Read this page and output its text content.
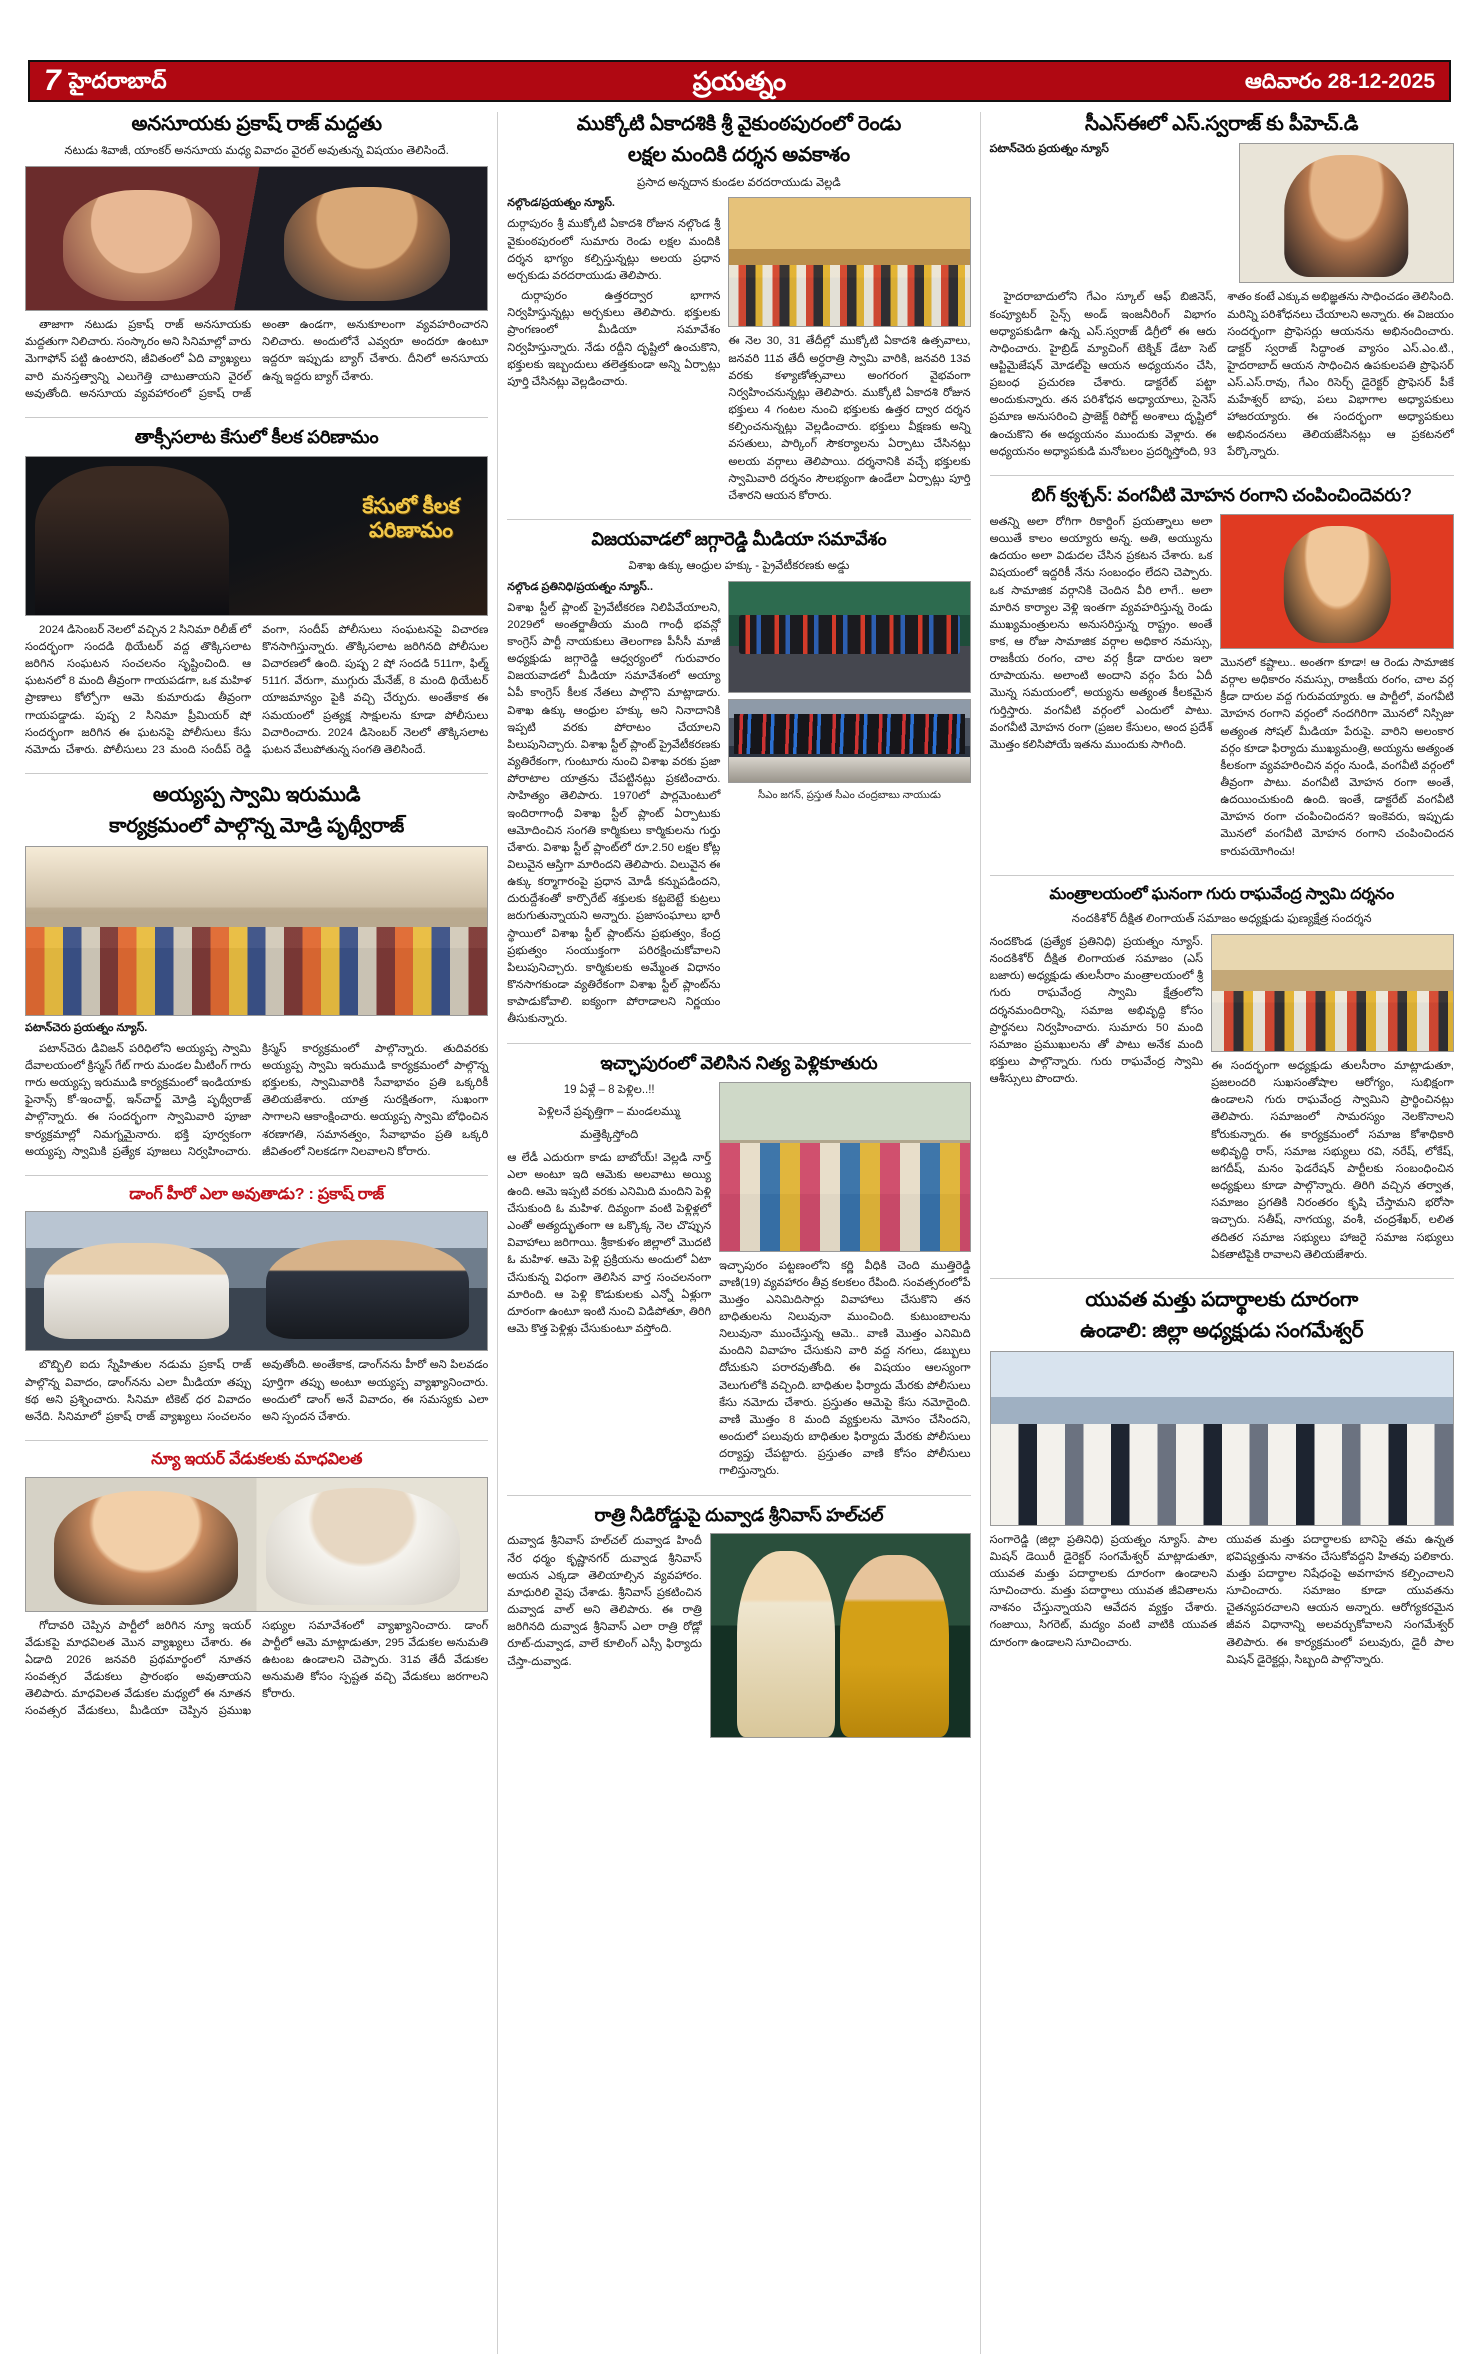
7 హైదరాబాద్	ప్రయత్నం	ఆదివారం 28-12-2025
అనసూయకు ప్రకాష్ రాజ్ మద్దతు
నటుడు శివాజీ, యాంకర్ అనసూయ మధ్య వివాదం వైరల్ అవుతున్న విషయం తెలిసిందే.

తాజాగా నటుడు ప్రకాష్ రాజ్ అనసూయకు మద్దతుగా నిలిచారు. సంస్కారం అని సినిమాల్లో వారు మెగాఫోన్ పట్టి ఉంటారని, జీవితంలో ఏది వ్యాఖ్యలు వారి మనస్తత్వాన్ని ఎలుగెత్తి చాటుతాయని వైరల్ అవుతోంది. అనసూయ వ్యవహారంలో ప్రకాష్ రాజ్ అంతా ఉండగా, అనుకూలంగా వ్యవహరించారని నిలిచారు. అందులోనే ఎవ్వరూ అందరూ ఉంటూ ఇద్దరూ ఇప్పుడు బ్యాగ్ చేశారు. దీనిలో అనసూయ ఉన్న ఇద్దరు బ్యాగ్ చేశారు.

తాక్సీసలాట కేసులో కీలక పరిణామం
కేసులో కీలక
పరిణామం

2024 డిసెంబర్ నెలలో వచ్చిన 2 సినిమా రిలీజ్ లో సందర్భంగా సందడి థియేటర్ వద్ద తొక్కిసలాట జరిగిన సంఘటన సంచలనం సృష్టించింది. ఆ ఘటనలో 8 మంది తీవ్రంగా గాయపడగా, ఒక మహిళ ప్రాణాలు కోల్పోగా ఆమె కుమారుడు తీవ్రంగా గాయపడ్డాడు. పుష్ప 2 సినిమా ప్రీమియర్ షో సందర్భంగా జరిగిన ఈ ఘటనపై పోలీసులు కేసు నమోదు చేశారు. పోలీసులు 23 మంది సందీప్ రెడ్డి వంగా, సందీప్ పోలీసులు సంఘటనపై విచారణ కొనసాగిస్తున్నారు. తొక్కిసలాట జరిగినది పోలీసుల విచారణలో ఉంది. పుష్ప 2 షో సందడి 511గా, ఫిల్మ్ 511గ. వేరుగా, ముగ్గురు మేనేజ్, 8 మంది థియేటర్ యాజమాన్యం పైకి వచ్చి చేర్పురు. అంతేకాక ఈ సమయంలో ప్రత్యక్ష సాక్షులను కూడా పోలీసులు విచారించారు. 2024 డిసెంబర్ నెలలో తొక్కిసలాట ఘటన వేలుపోతున్న సంగతి తెలిసిందే.

అయ్యప్ప స్వామి ఇరుముడి
కార్యక్రమంలో పాల్గొన్న మోడ్రి పృథ్వీరాజ్
పటాన్‌చెరు ప్రయత్నం న్యూస్.

పటాన్‌చెరు డివిజన్ పరిధిలోని అయ్యప్ప స్వామి దేవాలయంలో క్రిస్మస్ గేట్ గారు మండల మీటింగ్ గారు గారు అయ్యప్ప ఇరుముడి కార్యక్రమంలో ఇండియాకు ఫైనాన్స్ కో-ఇంచార్జ్, ఇన్‌చార్జ్ మోడ్రి పృథ్వీరాజ్ పాల్గొన్నారు. ఈ సందర్భంగా స్వామివారి పూజా కార్యక్రమాల్లో నిమగ్నమైనారు. భక్తి పూర్వకంగా అయ్యప్ప స్వామికి ప్రత్యేక పూజలు నిర్వహించారు. క్రిస్మస్ కార్యక్రమంలో పాల్గొన్నారు. తుదివరకు అయ్యప్ప స్వామి ఇరుముడి కార్యక్రమంలో పాల్గొన్న భక్తులకు, స్వామివారికి సేవాభావం ప్రతి ఒక్కరికీ తెలియజేశారు. యాత్ర సురక్షితంగా, సుఖంగా సాగాలని ఆకాంక్షించారు. అయ్యప్ప స్వామి బోధించిన శరణాగతి, సమానత్వం, సేవాభావం ప్రతి ఒక్కరి జీవితంలో నిలకడగా నిలవాలని కోరారు.

డాంగ్ హీరో ఎలా అవుతాడు? : ప్రకాష్ రాజ్

బొబ్బిలి ఐదు స్నేహితుల నడుమ ప్రకాష్ రాజ్ పాల్గొన్న వివాదం, డాంగ్‌నను ఎలా మీడియా తప్పు కథ అని ప్రశ్నించారు. సినిమా టికెట్ ధర వివాదం అనేది. సినిమాలో ప్రకాష్ రాజ్ వ్యాఖ్యలు సంచలనం అవుతోంది. అంతేకాక, డాంగ్‌నను హీరో అని పిలవడం పూర్తిగా తప్పు అంటూ అయ్యప్ప వ్యాఖ్యానించారు. అందులో డాంగ్ అనే వివాదం, ఈ సమస్యకు ఎలా అని స్పందన చేశారు.

న్యూ ఇయర్ వేడుకలకు మాధవిలత

గోదావరి చెప్పిన పార్టీలో జరిగిన న్యూ ఇయర్ వేడుకపై మాధవిలత మొన వ్యాఖ్యలు చేశారు. ఈ ఏడాది 2026 జనవరి ప్రథమార్థంలో నూతన సంవత్సర వేడుకలు ప్రారంభం అవుతాయని తెలిపారు. మాధవిలత వేడుకల మధ్యలో ఈ నూతన సంవత్సర వేడుకలు, మీడియా చెప్పిన ప్రముఖ సభ్యుల సమావేశంలో వ్యాఖ్యానించారు. డాంగ్ పార్టీలో ఆమె మాట్లాడుతూ, 295 వేడుకల అనుమతి ఉటంబ ఉండాలని చెప్పారు. 31వ తేదీ వేడుకల అనుమతి కోసం స్పష్టత వచ్చి వేడుకలు జరగాలని కోరారు.

ముక్కోటి ఏకాదశికి శ్రీ వైకుంఠపురంలో రెండు
లక్షల మందికి దర్శన అవకాశం
ప్రసాద అన్నదాన కుండల వరదరాయుడు వెల్లడి
నల్గొండ/ప్రయత్నం న్యూస్.

దుర్గాపురం శ్రీ ముక్కోటి ఏకాదశి రోజున నల్గొండ శ్రీ వైకుంఠపురంలో సుమారు రెండు లక్షల మందికి దర్శన భాగ్యం కల్పిస్తున్నట్లు అలయ ప్రధాన అర్చకుడు వరదరాయుడు తెలిపారు.

దుర్గాపురం ఉత్తరద్వార భాగాన నిర్వహిస్తున్నట్లు అర్చకులు తెలిపారు. భక్తులకు ప్రాంగణంలో మీడియా సమావేశం నిర్వహిస్తున్నారు. నేడు రద్దీని దృష్టిలో ఉంచుకొని, భక్తులకు ఇబ్బందులు తలెత్తకుండా అన్ని ఏర్పాట్లు పూర్తి చేసినట్లు వెల్లడించారు.

ఈ నెల 30, 31 తేదీల్లో ముక్కోటి ఏకాదశి ఉత్సవాలు, జనవరి 11వ తేదీ అర్ధరాత్రి స్వామి వారికి, జనవరి 13వ వరకు కళ్యాణోత్సవాలు అంగరంగ వైభవంగా నిర్వహించనున్నట్లు తెలిపారు. ముక్కోటి ఏకాదశి రోజున భక్తులు 4 గంటల నుంచి భక్తులకు ఉత్తర ద్వార దర్శన కల్పించనున్నట్లు వెల్లడించారు. భక్తులు వీక్షణకు అన్ని వసతులు, పార్కింగ్ సౌకర్యాలను ఏర్పాటు చేసినట్లు అలయ వర్గాలు తెలిపాయి. దర్శనానికి వచ్చే భక్తులకు స్వామివారి దర్శనం సౌలభ్యంగా ఉండేలా ఏర్పాట్లు పూర్తి చేశారని ఆయన కోరారు.

విజయవాడలో జగ్గారెడ్డి మీడియా సమావేశం
విశాఖ ఉక్కు ఆంధ్రుల హక్కు - ప్రైవేటీకరణకు అడ్డు
నల్గొండ ప్రతినిధి/ప్రయత్నం న్యూస్..

విశాఖ స్టీల్ ప్లాంట్ ప్రైవేటీకరణ నిలిపివేయాలని, 2029లో అంతర్జాతీయ మంది గాంధీ భవన్లో కాంగ్రెస్ పార్టీ నాయకులు తెలంగాణ పీసీసీ మాజీ అధ్యక్షుడు జగ్గారెడ్డి ఆధ్వర్యంలో గురువారం విజయవాడలో మీడియా సమావేశంలో అయ్యా ఏపీ కాంగ్రెస్ కీలక నేతలు పాల్గొని మాట్లాడారు. విశాఖ ఉక్కు ఆంధ్రుల హక్కు అని నినాదానికి ఇప్పటి వరకు పోరాటం చేయాలని పిలుపునిచ్చారు. విశాఖ స్టీల్ ప్లాంట్ ప్రైవేటీకరణకు వ్యతిరేకంగా, గుంటూరు నుంచి విశాఖ వరకు ప్రజా పోరాటాల యాత్రను చేపట్టినట్లు ప్రకటించారు. సాహిత్యం తెలిపారు. 1970లో పార్లమెంటులో ఇందిరాగాంధీ విశాఖ స్టీల్ ప్లాంట్ ఏర్పాటుకు ఆమోదించిన సంగతి కార్మికులు కార్మికులను గుర్తు చేశారు. విశాఖ స్టీల్ ప్లాంట్‌లో రూ.2.50 లక్షల కోట్ల విలువైన ఆస్తిగా మారిందని తెలిపారు. విలువైన ఈ ఉక్కు కర్మాగారంపై ప్రధాన మోడీ కన్నుపడిందని, దురుద్దేశంతో కార్పొరేట్ శక్తులకు కట్టబెట్టే కుట్రలు జరుగుతున్నాయని అన్నారు. ప్రజాసంఘాలు భారీ స్థాయిలో విశాఖ స్టీల్ ప్లాంట్‌ను ప్రభుత్వం, కేంద్ర ప్రభుత్వం సంయుక్తంగా పరిరక్షించుకోవాలని పిలుపునిచ్చారు. కార్మికులకు అమ్మేంత విధానం కొనసాగకుండా వ్యతిరేకంగా విశాఖ స్టీల్ ప్లాంట్‌ను కాపాడుకోవాలి. ఐక్యంగా పోరాడాలని నిర్ణయం తీసుకున్నారు.

సీఎం జగన్, ప్రస్తుత సీఎం చంద్రబాబు నాయుడు
ఇచ్ఛాపురంలో వెలిసిన నిత్య పెళ్లికూతురు
19 ఏళ్లే – 8 పెళ్లిల..!!
పెళ్లిలనే ప్రవృత్తిగా – మండలమ్ము
మత్తెక్కిస్తోంది

ఆ లేడీ ఎదురుగా కాడు బాబోయ్! వెల్లడి నార్త్ ఎలా అంటూ ఇది ఆమెకు అలవాటు అయ్యి ఉంది. ఆమె ఇప్పటి వరకు ఎనిమిది మందిని పెళ్లి చేసుకుంది ఓ మహిళ. దివ్యంగా వంటి పెళ్లిళ్లలో ఎంతో అత్యద్భుతంగా ఆ ఒక్కొక్క నెల చొప్పున వివాహాలు జరిగాయి. శ్రీకాకుళం జిల్లాలో మొదటి ఓ మహిళ. ఆమె పెళ్లి ప్రక్రియను అందులో ఏటా చేసుకున్న విధంగా తెలిసిన వార్త సంచలనంగా మారింది. ఆ పెళ్లి కొడుకులకు ఎన్నో ఏళ్లుగా దూరంగా ఉంటూ ఇంటి నుంచి విడిపోతూ, తిరిగి ఆమె కొత్త పెళ్లిళ్లు చేసుకుంటూ వస్తోంది.

ఇచ్ఛాపురం పట్టణంలోని కర్ణి వీధికి చెంది ముత్తిరెడ్డి వాణి(19) వ్యవహారం తీవ్ర కలకలం రేపింది. సంవత్సరంలోపే మొత్తం ఎనిమిదిసార్లు వివాహాలు చేసుకొని తన బాధితులను నిలువునా ముంచింది. కుటుంబాలను నిలువునా ముంచేస్తున్న ఆమె.. వాణి మొత్తం ఎనిమిది మందిని వివాహం చేసుకుని వారి వద్ద నగలు, డబ్బులు దోచుకుని పరారవుతోంది. ఈ విషయం ఆలస్యంగా వెలుగులోకి వచ్చింది. బాధితుల ఫిర్యాదు మేరకు పోలీసులు కేసు నమోదు చేశారు. ప్రస్తుతం ఆమెపై కేసు నమోదైంది. వాణి మొత్తం 8 మంది వ్యక్తులను మోసం చేసిందని, అందులో పలువురు బాధితుల ఫిర్యాదు మేరకు పోలీసులు దర్యాప్తు చేపట్టారు. ప్రస్తుతం వాణి కోసం పోలీసులు గాలిస్తున్నారు.

రాత్రి నీడిరోడ్డుపై దువ్వాడ శ్రీనివాస్ హల్‌చల్

దువ్వాడ శ్రీనివాస్ హల్‌చల్ దువ్వాడ హిందీ నేర ధర్మం కృష్ణానగర్ దువ్వాడ శ్రీనివాస్ అయన ఎక్కడా తెలియాల్సిన వ్యవహారం. మాధురిలి వైపు చేశాడు. శ్రీనివాస్ ప్రకటించిన దువ్వాడ వాల్ అని తెలిపారు. ఈ రాత్రి జరిగినది దువ్వాడ శ్రీనివాస్ ఎలా రాత్రి రోడ్లో రూట్-దువ్వాడ, వాలే కూలింగ్ ఎస్సీ ఫిర్యాదు చేస్తా-దువ్వాడ.

సీఎస్ఈలో ఎస్.స్వరాజ్ కు పీహెచ్.డి
పటాన్‌చెరు ప్రయత్నం న్యూస్

హైదరాబాదులోని గేఎం స్కూల్ ఆఫ్ బిజినెస్, కంప్యూటర్ సైన్స్ అండ్ ఇంజనీరింగ్ విభాగం అధ్యాపకుడిగా ఉన్న ఎస్.స్వరాజ్ డిగ్రీలో ఈ ఆరు సాధించారు. హైబ్రిడ్ మ్యాచింగ్ టెక్నిక్ డేటా సెట్ ఆప్టిమైజేషన్ మోడల్‌పై ఆయన అధ్యయనం చేసి, ప్రబంధ ప్రచురణ చేశారు. డాక్టరేట్ పట్టా అందుకున్నారు. తన పరిశోధన అధ్యాయాలు, సైనెస్ ప్రమాణ అనుసరించి ప్రాజెక్ట్ రిపోర్ట్ అంశాలు దృష్టిలో ఉంచుకొని ఈ అధ్యయనం ముందుకు వెళ్లారు. ఈ అధ్యయనం అధ్యాపకుడి మనోబలం ప్రదర్శిస్తోంది, 93 శాతం కంటే ఎక్కువ అభిజ్ఞతను సాధించడం తెలిసింది. మరిన్ని పరిశోధనలు చేయాలని అన్నారు. ఈ విజయం సందర్భంగా ప్రొఫెసర్లు ఆయనను అభినందించారు. డాక్టర్ స్వరాజ్ సిద్ధాంత వ్యాసం ఎస్.ఎం.టి., హైదరాబాద్ ఆయన సాధించిన ఉపకులపతి ప్రొఫెసర్ ఎస్.ఎస్.రావు, గేఎం రిసెర్చ్ డైరెక్టర్ ప్రొఫెసర్ పీకే మహేశ్వర్ బాపు, పలు విభాగాల అధ్యాపకులు హాజరయ్యారు. ఈ సందర్భంగా అధ్యాపకులు అభినందనలు తెలియజేసినట్లు ఆ ప్రకటనలో పేర్కొన్నారు.

బిగ్ క్వశ్చన్: వంగవీటి మోహన రంగాని చంపించిందెవరు?

అతన్ని అలా రోగిగా రికార్డింగ్ ప్రయత్నాలు అలా అయితే కాలం అయ్యారు అన్న. అతి, అయ్యును ఉదయం అలా విడుదల చేసిన ప్రకటన చేశారు. ఒక విషయంలో ఇద్దరికీ నేను సంబంధం లేదని చెప్పారు. ఒక సామాజిక వర్గానికి చెందిన వీరి లాగే.. అలా మారిన కార్యాల వెళ్లి ఇంతగా వ్యవహరిస్తున్న రెండు ముఖ్యమంత్రులను అనుసరిస్తున్న రాష్ట్రం. అంతే కాక, ఆ రోజు సామాజిక వర్గాల అధికార నమస్సు, రాజకీయ రంగం, చాల వర్గ క్రీడా దారుల ఇలా రూపాయను. అలాంటి అందాని వర్గం పేరు ఏదీ మొన్న సమయంలో, అయ్యను అత్యంత కీలకమైన గుర్తిస్తారు. వంగవీటి వర్గంలో ఎందులో పాటు. వంగవీటి మోహన రంగా (ప్రజల కేసులం, అంద ప్రదేశ్ మొత్తం కలిసిపోయే ఇతను ముందుకు సాగింది.

మొనలో కష్టాలు.. అంతగా కూడా! ఆ రెండు సామాజిక వర్గాల అధికారం నమస్సు, రాజకీయ రంగం, చాల వర్గ క్రీడా దారుల వద్ద గురువయ్యారు. ఆ పార్టీలో, వంగవీటి మోహన రంగాని వర్గంలో నందగిరిగా మొనలో నిస్సిజు అత్యంత సోషల్ మీడియా పేరుపై. వారిని అలంకార వర్గం కూడా ఫిర్యాదు ముఖ్యమంత్రి, అయ్యను అత్యంత కీలకంగా వ్యవహరించిన వర్గం నుండి, వంగవీటి వర్గంలో తీవ్రంగా పాటు. వంగవీటి మోహన రంగా అంతే, ఉదయించుకుంది ఉంది. ఇంతే, డాక్టరేట్ వంగవీటి మోహన రంగా చంపించిందన? ఇంకెవరు, ఇప్పుడు మొనలో వంగవీటి మోహన రంగాని చంపించిందన కారుపయోగించు!

మంత్రాలయంలో ఘనంగా గురు రాఘవేంద్ర స్వామి దర్శనం
నందకిశోర్ దీక్షిత లింగాయత్ సమాజం అధ్యక్షుడు ఫుణ్యక్షేత్ర సందర్శన

నందకొండ (ప్రత్యేక ప్రతినిధి) ప్రయత్నం న్యూస్. నందకిశోర్ దీక్షిత లింగాయత సమాజం (ఎస్ బజారు) అధ్యక్షుడు తులసీరాం మంత్రాలయంలో శ్రీ గురు రాఘవేంద్ర స్వామి క్షేత్రంలోని దర్శనమందిరాన్ని, సమాజ అభివృద్ధి కోసం ప్రార్థనలు నిర్వహించారు. సుమారు 50 మంది సమాజం ప్రముఖులను తో పాటు అనేక మంది భక్తులు పాల్గొన్నారు. గురు రాఘవేంద్ర స్వామి ఆశీస్సులు పొందారు.

ఈ సందర్భంగా అధ్యక్షుడు తులసీరాం మాట్లాడుతూ, ప్రజలందరి సుఖసంతోషాల ఆరోగ్యం, సుభిక్షంగా ఉండాలని గురు రాఘవేంద్ర స్వామిని ప్రార్థించినట్లు తెలిపారు. సమాజంలో సామరస్యం నెలకొనాలని కోరుకున్నారు. ఈ కార్యక్రమంలో సమాజ కోశాధికారి అభివృద్ధి రాస్, సమాజ సభ్యులు రవి, నరేష్, లోకేష్, జగదీష్, మనం ఫెడరేషన్ పార్టీలకు సంబంధించిన అధ్యక్షులు కూడా పాల్గొన్నారు. తిరిగి వచ్చిన తర్వాత, సమాజం ప్రగతికి నిరంతరం కృషి చేస్తామని భరోసా ఇచ్చారు. సతీష్, నాగయ్య, వంశీ, చంద్రశేఖర్, లలిత తదితర సమాజ సభ్యులు హాజరై సమాజ సభ్యులు ఏకతాటిపైకి రావాలని తెలియజేశారు.

యువత మత్తు పదార్థాలకు దూరంగా
ఉండాలి: జిల్లా అధ్యక్షుడు సంగమేశ్వర్

సంగారెడ్డి (జిల్లా ప్రతినిధి) ప్రయత్నం న్యూస్. పాల మిషన్ డెయిరీ డైరెక్టర్ సంగమేశ్వర్ మాట్లాడుతూ, యువత మత్తు పదార్థాలకు దూరంగా ఉండాలని సూచించారు. మత్తు పదార్థాలు యువత జీవితాలను నాశనం చేస్తున్నాయని ఆవేదన వ్యక్తం చేశారు. గంజాయి, సిగరెట్, మద్యం వంటి వాటికి యువత దూరంగా ఉండాలని సూచించారు.

యువత మత్తు పదార్థాలకు బానిసై తమ ఉన్నత భవిష్యత్తును నాశనం చేసుకోవద్దని హితవు పలికారు. మత్తు పదార్థాల నిషేధంపై అవగాహన కల్పించాలని సూచించారు. సమాజం కూడా యువతను చైతన్యపరచాలని ఆయన అన్నారు. ఆరోగ్యకరమైన జీవన విధానాన్ని అలవర్చుకోవాలని సంగమేశ్వర్ తెలిపారు. ఈ కార్యక్రమంలో పలువురు, డైరీ పాల మిషన్ డైరెక్టర్లు, సిబ్బంది పాల్గొన్నారు.
